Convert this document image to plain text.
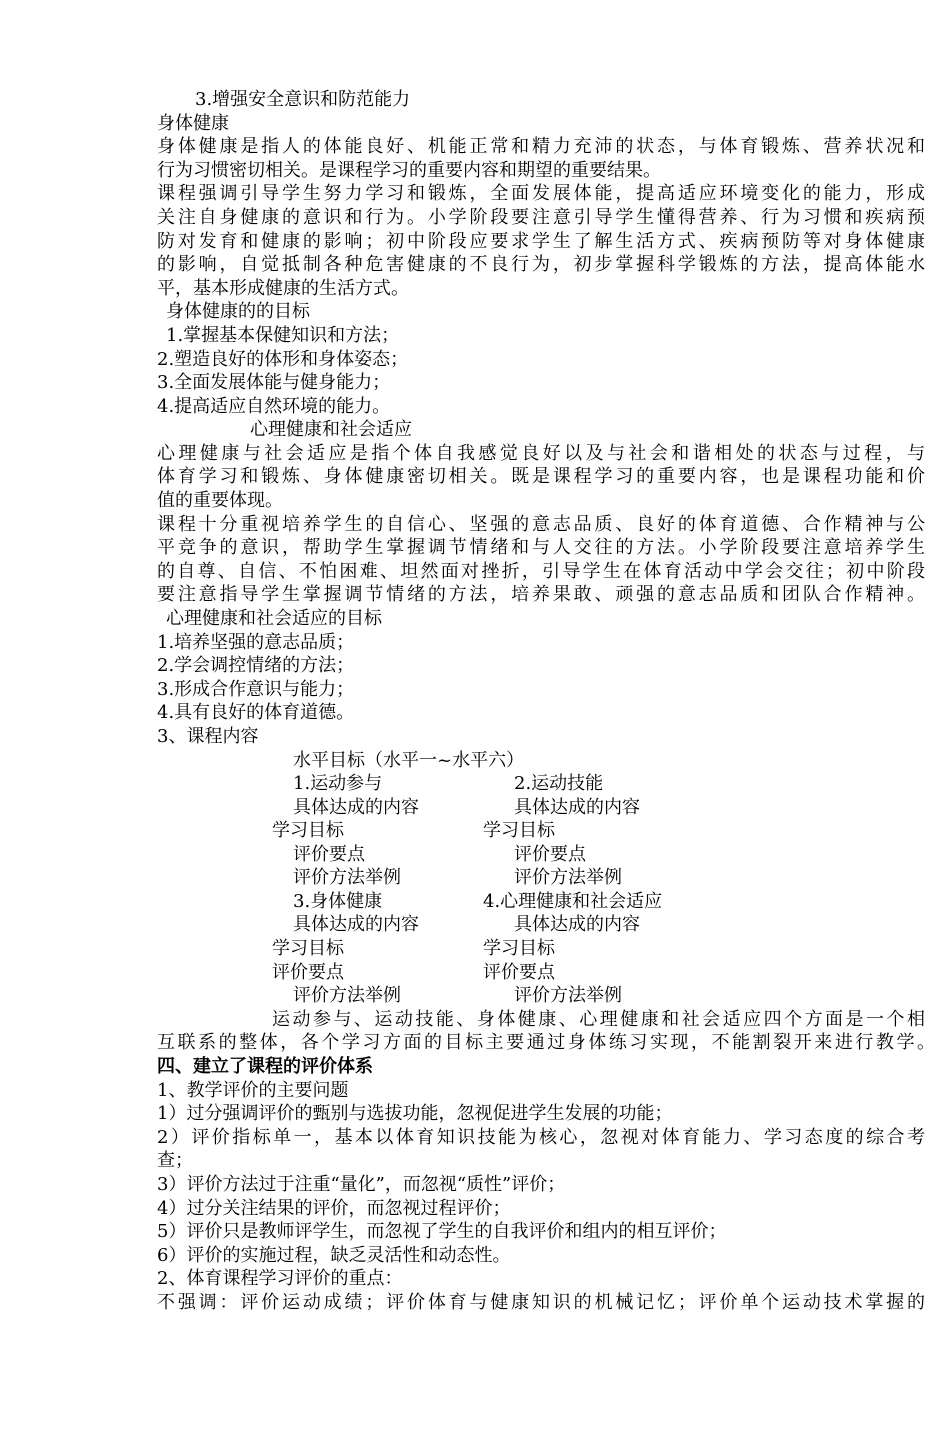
3.增强安全意识和防范能力
身体健康
身体健康是指人的体能良好、机能正常和精力充沛的状态，与体育锻炼、营养状况和
行为习惯密切相关。是课程学习的重要内容和期望的重要结果。
课程强调引导学生努力学习和锻炼，全面发展体能，提高适应环境变化的能力，形成
关注自身健康的意识和行为。小学阶段要注意引导学生懂得营养、行为习惯和疾病预
防对发育和健康的影响；初中阶段应要求学生了解生活方式、疾病预防等对身体健康
的影响，自觉抵制各种危害健康的不良行为，初步掌握科学锻炼的方法，提高体能水
平，基本形成健康的生活方式。
身体健康的的目标
1.掌握基本保健知识和方法；
2.塑造良好的体形和身体姿态；
3.全面发展体能与健身能力；
4.提高适应自然环境的能力。
心理健康和社会适应
心理健康与社会适应是指个体自我感觉良好以及与社会和谐相处的状态与过程，与
体育学习和锻炼、身体健康密切相关。既是课程学习的重要内容，也是课程功能和价
值的重要体现。
课程十分重视培养学生的自信心、坚强的意志品质、良好的体育道德、合作精神与公
平竞争的意识，帮助学生掌握调节情绪和与人交往的方法。小学阶段要注意培养学生
的自尊、自信、不怕困难、坦然面对挫折，引导学生在体育活动中学会交往；初中阶段
要注意指导学生掌握调节情绪的方法，培养果敢、顽强的意志品质和团队合作精神。
心理健康和社会适应的目标
1.培养坚强的意志品质；
2.学会调控情绪的方法；
3.形成合作意识与能力；
4.具有良好的体育道德。
3、课程内容
水平目标（水平一~水平六）
1.运动参与	2.运动技能
具体达成的内容	具体达成的内容
学习目标	学习目标
评价要点	评价要点
评价方法举例	评价方法举例
3.身体健康	4.心理健康和社会适应
具体达成的内容	具体达成的内容
学习目标	学习目标
评价要点	评价要点
评价方法举例	评价方法举例
运动参与、运动技能、身体健康、心理健康和社会适应四个方面是一个相
互联系的整体，各个学习方面的目标主要通过身体练习实现，不能割裂开来进行教学。
四、建立了课程的评价体系
1、教学评价的主要问题
1）过分强调评价的甄别与选拔功能，忽视促进学生发展的功能；
2）评价指标单一，基本以体育知识技能为核心，忽视对体育能力、学习态度的综合考
查；
3）评价方法过于注重“量化”，而忽视“质性”评价；
4）过分关注结果的评价，而忽视过程评价；
5）评价只是教师评学生，而忽视了学生的自我评价和组内的相互评价；
6）评价的实施过程，缺乏灵活性和动态性。
2、体育课程学习评价的重点：
不强调：评价运动成绩；评价体育与健康知识的机械记忆；评价单个运动技术掌握的
